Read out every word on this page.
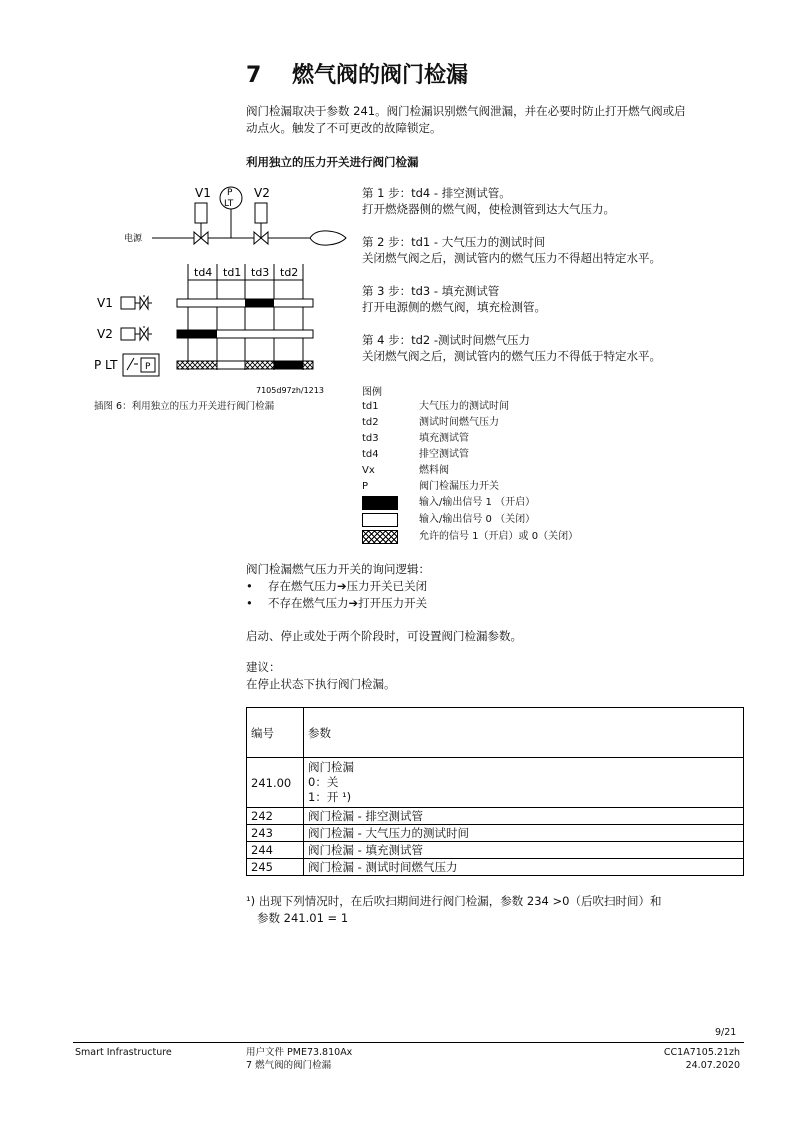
7 燃气阀的阀门检漏
阀门检漏取决于参数 241。阀门检漏识别燃气阀泄漏，并在必要时防止打开燃气阀或启
动点火。触发了不可更改的故障锁定。
利用独立的压力开关进行阀门检漏
V1	V2
P
LT
电源
td4 td1 td3 td2
V1
V2
P LT	P
7105d97zh/1213
插图 6：利用独立的压力开关进行阀门检漏
第 1 步：td4 - 排空测试管。
打开燃烧器侧的燃气阀，使检测管到达大气压力。
第 2 步：td1 - 大气压力的测试时间
关闭燃气阀之后，测试管内的燃气压力不得超出特定水平。
第 3 步：td3 - 填充测试管
打开电源侧的燃气阀，填充检测管。
第 4 步：td2 -测试时间燃气压力
关闭燃气阀之后，测试管内的燃气压力不得低于特定水平。
图例
td1	大气压力的测试时间
td2	测试时间燃气压力
td3	填充测试管
td4	排空测试管
Vx	燃料阀
P	阀门检漏压力开关
输入/输出信号 1 （开启）
输入/输出信号 0 （关闭）
允许的信号 1（开启）或 0（关闭）
阀门检漏燃气压力开关的询问逻辑：
• 存在燃气压力➔压力开关已关闭
• 不存在燃气压力➔打开压力开关
启动、停止或处于两个阶段时，可设置阀门检漏参数。
建议：
在停止状态下执行阀门检漏。
编号	参数
241.00	阀门检漏
0：关
1：开 ¹)

242	阀门检漏 - 排空测试管
243	阀门检漏 - 大气压力的测试时间
244	阀门检漏 - 填充测试管
245	阀门检漏 - 测试时间燃气压力
¹) 出现下列情况时，在后吹扫期间进行阀门检漏，参数 234 >0（后吹扫时间）和
参数 241.01 = 1
9/21
Smart Infrastructure	用户文件 PME73.810Ax
7 燃气阀的阀门检漏
CC1A7105.21zh
24.07.2020
